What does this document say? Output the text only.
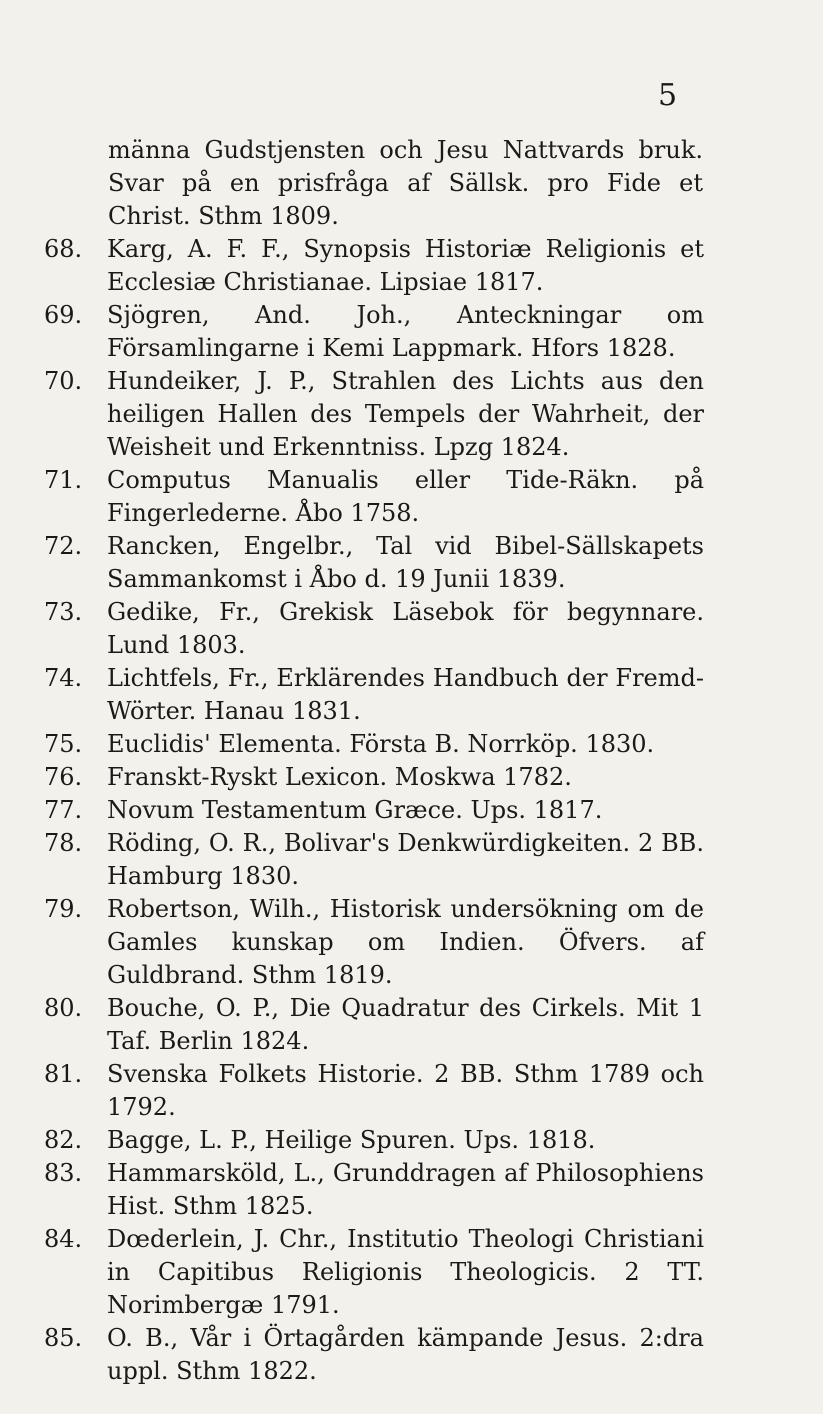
5
männa Gudstjensten och Jesu Nattvards bruk. Svar på en prisfråga af Sällsk. pro Fide et Christ. Sthm 1809.
68.	Karg, A. F. F., Synopsis Historiæ Religionis et Ecclesiæ Christianae. Lipsiae 1817.
69.	Sjögren, And. Joh., Anteckningar om Församlingarne i Kemi Lappmark. Hfors 1828.
70.	Hundeiker, J. P., Strahlen des Lichts aus den heiligen Hallen des Tempels der Wahrheit, der Weisheit und Erkenntniss. Lpzg 1824.
71.	Computus Manualis eller Tide-Räkn. på Fingerlederne. Åbo 1758.
72.	Rancken, Engelbr., Tal vid Bibel-Sällskapets Sammankomst i Åbo d. 19 Junii 1839.
73.	Gedike, Fr., Grekisk Läsebok för begynnare. Lund 1803.
74.	Lichtfels, Fr., Erklärendes Handbuch der Fremd-Wörter. Hanau 1831.
75.	Euclidis' Elementa. Första B. Norrköp. 1830.
76.	Franskt-Ryskt Lexicon. Moskwa 1782.
77.	Novum Testamentum Græce. Ups. 1817.
78.	Röding, O. R., Bolivar's Denkwürdigkeiten. 2 BB. Hamburg 1830.
79.	Robertson, Wilh., Historisk undersökning om de Gamles kunskap om Indien. Öfvers. af Guldbrand. Sthm 1819.
80.	Bouche, O. P., Die Quadratur des Cirkels. Mit 1 Taf. Berlin 1824.
81.	Svenska Folkets Historie. 2 BB. Sthm 1789 och 1792.
82.	Bagge, L. P., Heilige Spuren. Ups. 1818.
83.	Hammarsköld, L., Grunddragen af Philosophiens Hist. Sthm 1825.
84.	Dœderlein, J. Chr., Institutio Theologi Christiani in Capitibus Religionis Theologicis. 2 TT. Norimbergæ 1791.
85.	O. B., Vår i Örtagården kämpande Jesus. 2:dra uppl. Sthm 1822.
